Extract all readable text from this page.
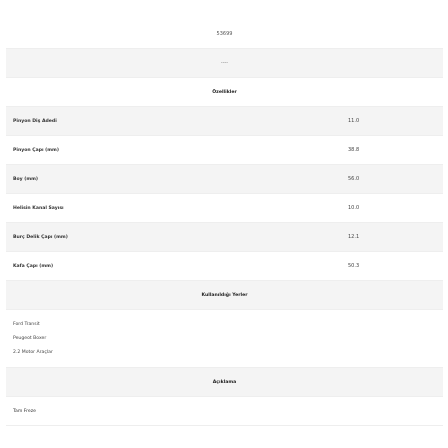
53699
----
Özellikler
Pinyon Diş Adedi	11.0
Pinyon Çapı (mm)	38.8
Boy (mm)	56.0
Helisin Kanal Sayısı	10.0
Burç Delik Çapı (mm)	12.1
Kafa Çapı (mm)	50.3
Kullanıldığı Yerler
Ford Transit
Peugeot Boxer
2.2 Motor Araçlar
Açıklama
Tam Freze
